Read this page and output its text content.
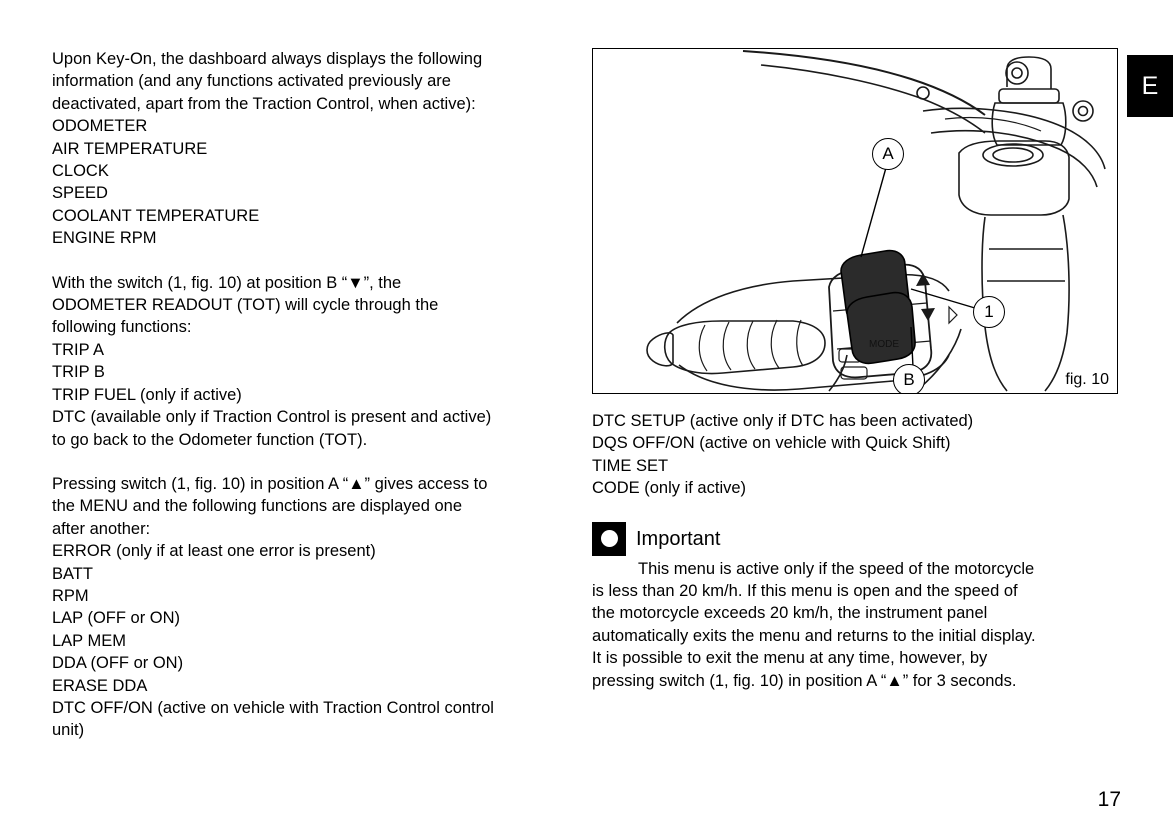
Upon Key-On, the dashboard always displays the following
information (and any functions activated previously are
deactivated, apart from the Traction Control, when active):
ODOMETER
AIR TEMPERATURE
CLOCK
SPEED
COOLANT TEMPERATURE
ENGINE RPM
With the switch (1, fig. 10) at position B “▼”, the
ODOMETER READOUT (TOT) will cycle through the
following functions:
TRIP A
TRIP B
TRIP FUEL (only if active)
DTC (available only if Traction Control is present and active)
to go back to the Odometer function (TOT).
Pressing switch (1, fig. 10) in position A “▲” gives access to
the MENU and the following functions are displayed one
after another:
ERROR (only if at least one error is present)
BATT
RPM
LAP (OFF or ON)
LAP MEM
DDA (OFF or ON)
ERASE DDA
DTC OFF/ON (active on vehicle with Traction Control control
unit)
MODE
A
1
B	fig. 10
DTC SETUP (active only if DTC has been activated)
DQS OFF/ON (active on vehicle with Quick Shift)
TIME SET
CODE (only if active)
Important
This menu is active only if the speed of the motorcycle
is less than 20 km/h. If this menu is open and the speed of
the motorcycle exceeds 20 km/h, the instrument panel
automatically exits the menu and returns to the initial display.
It is possible to exit the menu at any time, however, by
pressing switch (1, fig. 10) in position A “▲” for 3 seconds.
E
17
